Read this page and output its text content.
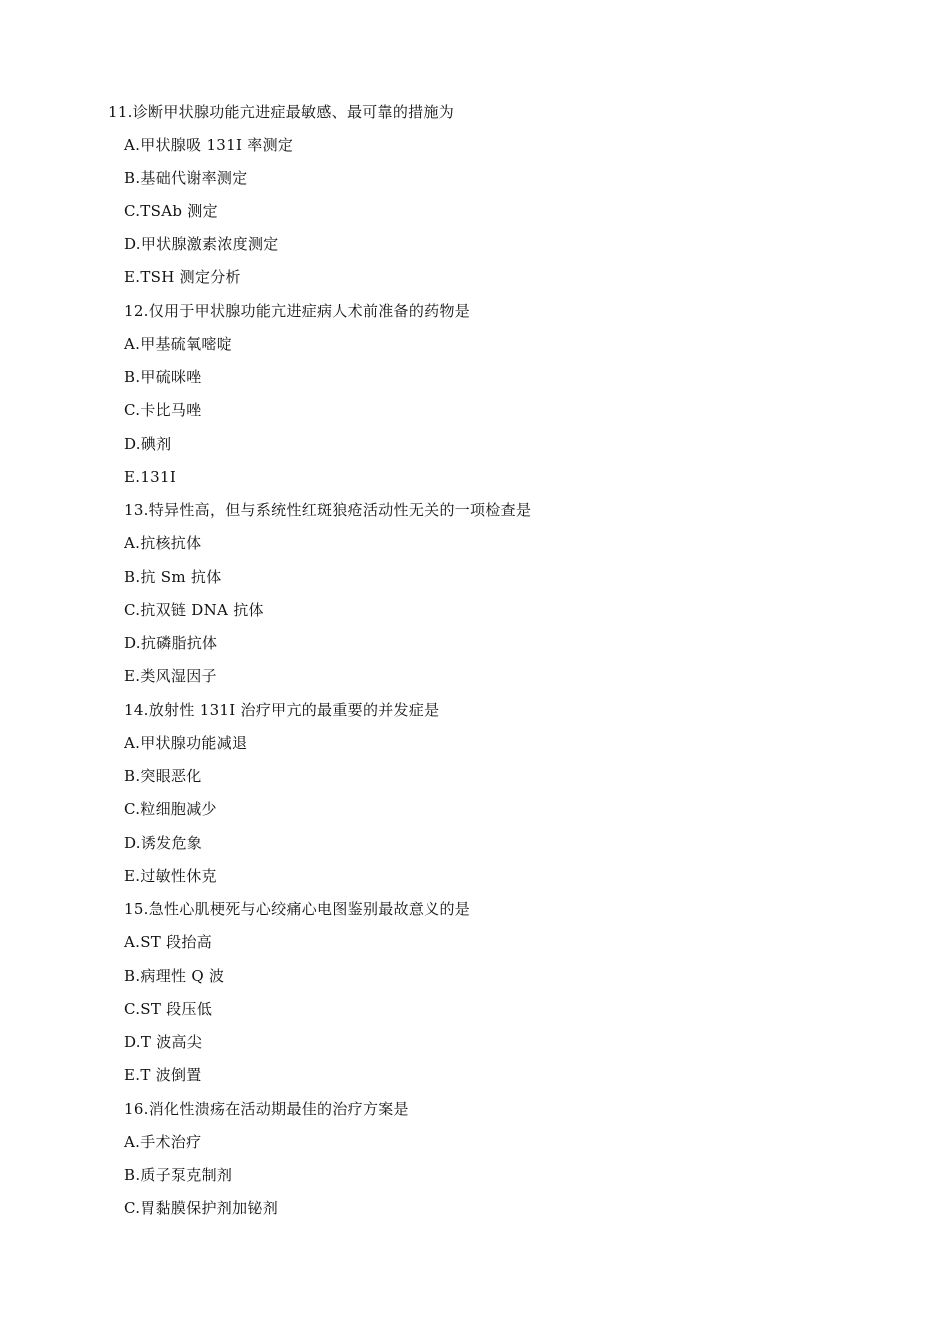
11.诊断甲状腺功能亢进症最敏感、最可靠的措施为
A.甲状腺吸 131I 率测定
B.基础代谢率测定
C.TSAb 测定
D.甲状腺激素浓度测定
E.TSH 测定分析
12.仅用于甲状腺功能亢进症病人术前准备的药物是
A.甲基硫氧嘧啶
B.甲硫咪唑
C.卡比马唑
D.碘剂
E.131I
13.特异性高，但与系统性红斑狼疮活动性无关的一项检查是
A.抗核抗体
B.抗 Sm 抗体
C.抗双链 DNA 抗体
D.抗磷脂抗体
E.类风湿因子
14.放射性 131I 治疗甲亢的最重要的并发症是
A.甲状腺功能减退
B.突眼恶化
C.粒细胞减少
D.诱发危象
E.过敏性休克
15.急性心肌梗死与心绞痛心电图鉴别最故意义的是
A.ST 段抬高
B.病理性 Q 波
C.ST 段压低
D.T 波高尖
E.T 波倒置
16.消化性溃疡在活动期最佳的治疗方案是
A.手术治疗
B.质子泵克制剂
C.胃黏膜保护剂加铋剂
